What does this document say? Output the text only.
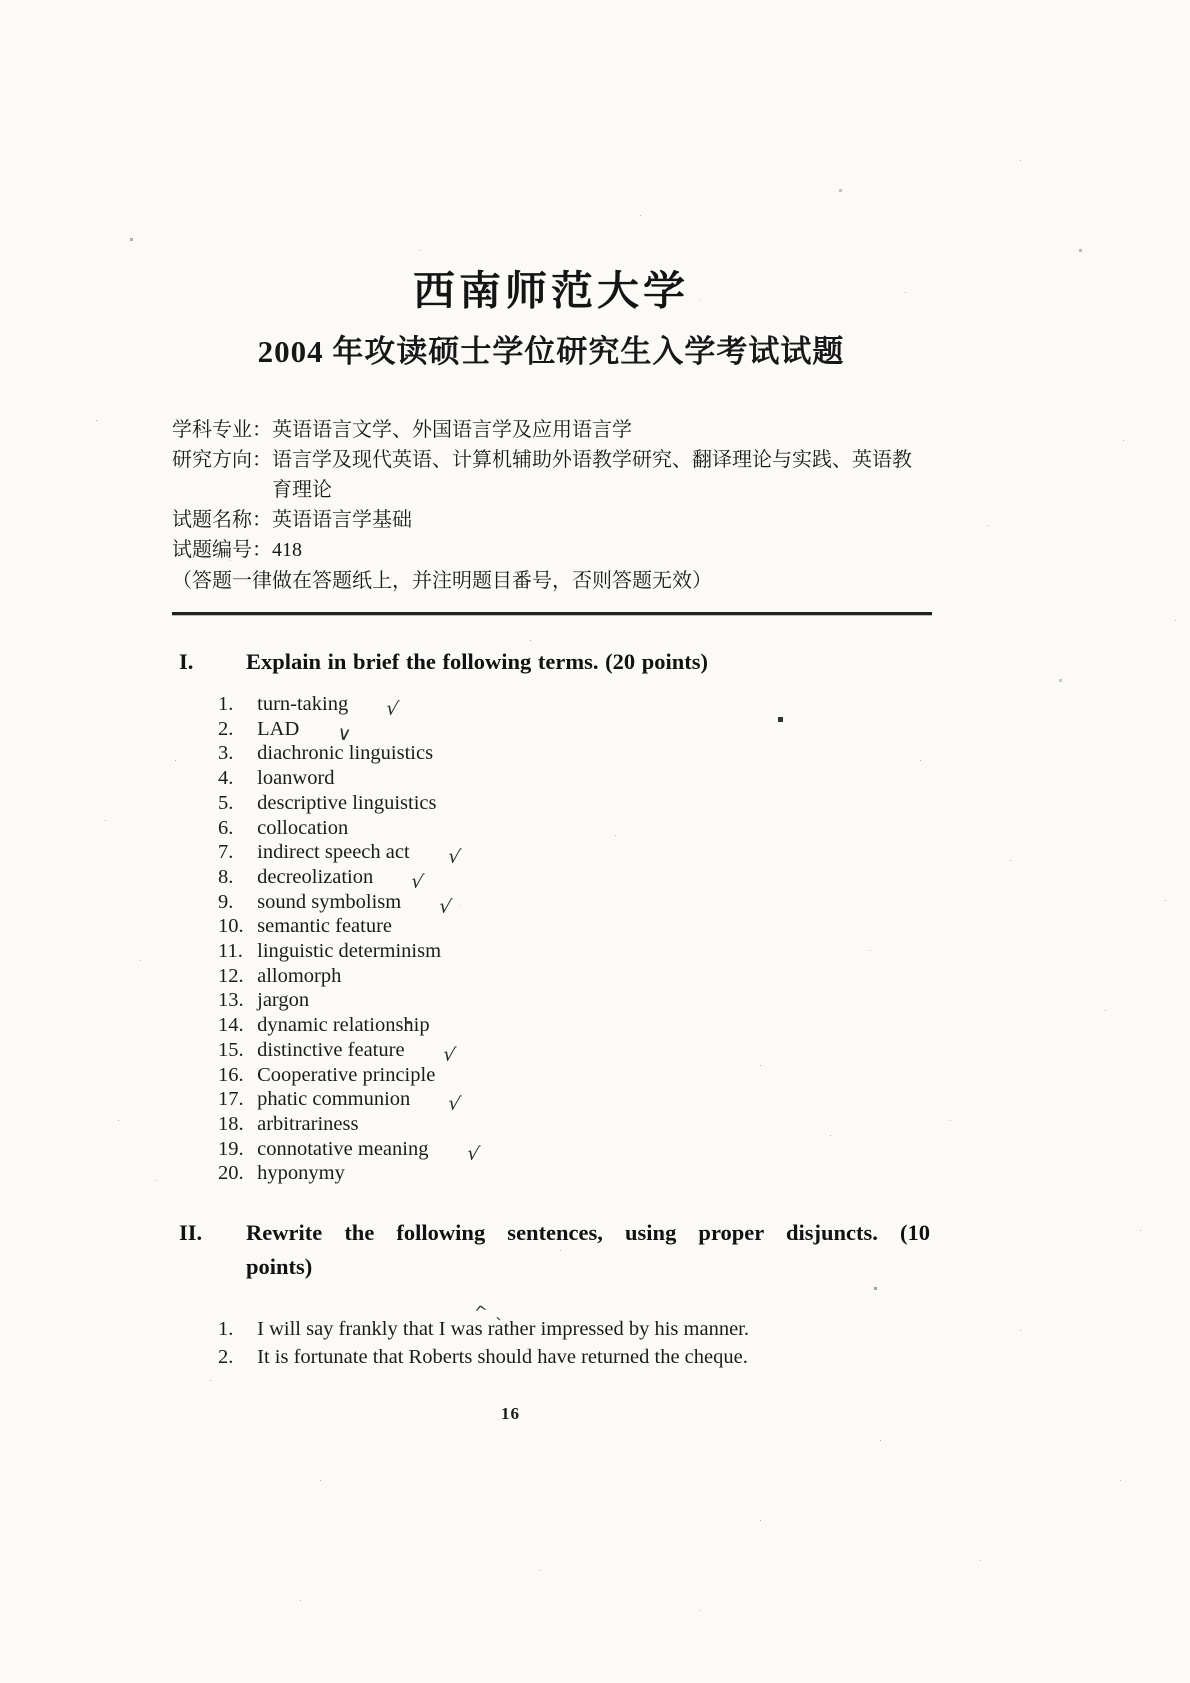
西南师范大学
2004 年攻读硕士学位研究生入学考试试题
学科专业： 英语语言文学、外国语言学及应用语言学
研究方向： 语言学及现代英语、计算机辅助外语教学研究、翻译理论与实践、英语教育理论
试题名称： 英语语言学基础
试题编号： 418
（答题一律做在答题纸上，并注明题目番号，否则答题无效）
I.	Explain in brief the following terms. (20 points)
1. turn-taking √
2. LAD ∨
3. diachronic linguistics
4. loanword
5. descriptive linguistics
6. collocation
7. indirect speech act √
8. decreolization √
9. sound symbolism √
10. semantic feature
11. linguistic determinism
12. allomorph
13. jargon
14. dynamic relationship
15. distinctive feature √
16. Cooperative principle
17. phatic communion √
18. arbitrariness
19. connotative meaning √
20. hyponymy
II.	Rewrite the following sentences, using proper disjuncts. (10 points)
1. I will say frankly that I was rather impressed by his manner.
2. It is fortunate that Roberts should have returned the cheque.
^ˎ
16
